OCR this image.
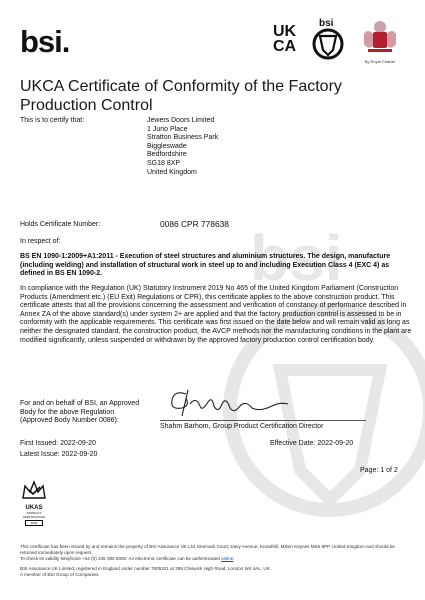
bsi
bsi.	UK
CA
bsi
By Royal Charter
UKCA Certificate of Conformity of the Factory Production Control
This is to certify that:	Jewers Doors Limited
1 Juno Place
Stratton Business Park
Biggleswade
Bedfordshire
SG18 8XP
United Kingdom
Holds Certificate Number:	0086 CPR 778638
In respect of:
BS EN 1090-1:2009+A1:2011 - Execution of steel structures and aluminium structures. The design, manufacture (including welding) and installation of structural work in steel up to and including Execution Class 4 (EXC 4) as defined in BS EN 1090-2.
In compliance with the Regulation (UK) Statutory Instrument 2019 No 465 of the United Kingdom Parliament (Construction Products (Amendment etc.) (EU Exit) Regulations or CPR), this certificate applies to the above construction product. This certificate attests that all the provisions concerning the assessment and verification of constancy of performance described in Annex ZA of the above standard(s) under system 2+ are applied and that the factory production control is assessed to be in conformity with the applicable requirements. This certificate was first issued on the date below and will remain valid as long as neither the designated standard, the construction product, the AVCP methods nor the manufacturing conditions in the plant are modified significantly, unless suspended or withdrawn by the approved factory production control certification body.
For and on behalf of BSI, an Approved
Body for the above Regulation
(Approved Body Number 0086):
Shahm Barhom, Group Product Certification Director
First Issued: 2022-09-20	Effective Date: 2022-09-20
Latest Issue: 2022-09-20
Page: 1 of 2
UKAS
PRODUCT CERTIFICATION
0003
This certificate has been issued by and remains the property of BSI Assurance UK Ltd, Kitemark Court, Davy Avenue, Knowlhill, Milton Keynes MK5 8PP, United Kingdom and should be returned immediately upon request.
To check its validity telephone +44 (0) 345 080 9000. An electronic certificate can be authenticated online.
BSI Assurance UK Limited, registered in England under number 7805321 at 389 Chiswick High Road, London W4 4AL, UK.
A member of BSI Group of Companies.
